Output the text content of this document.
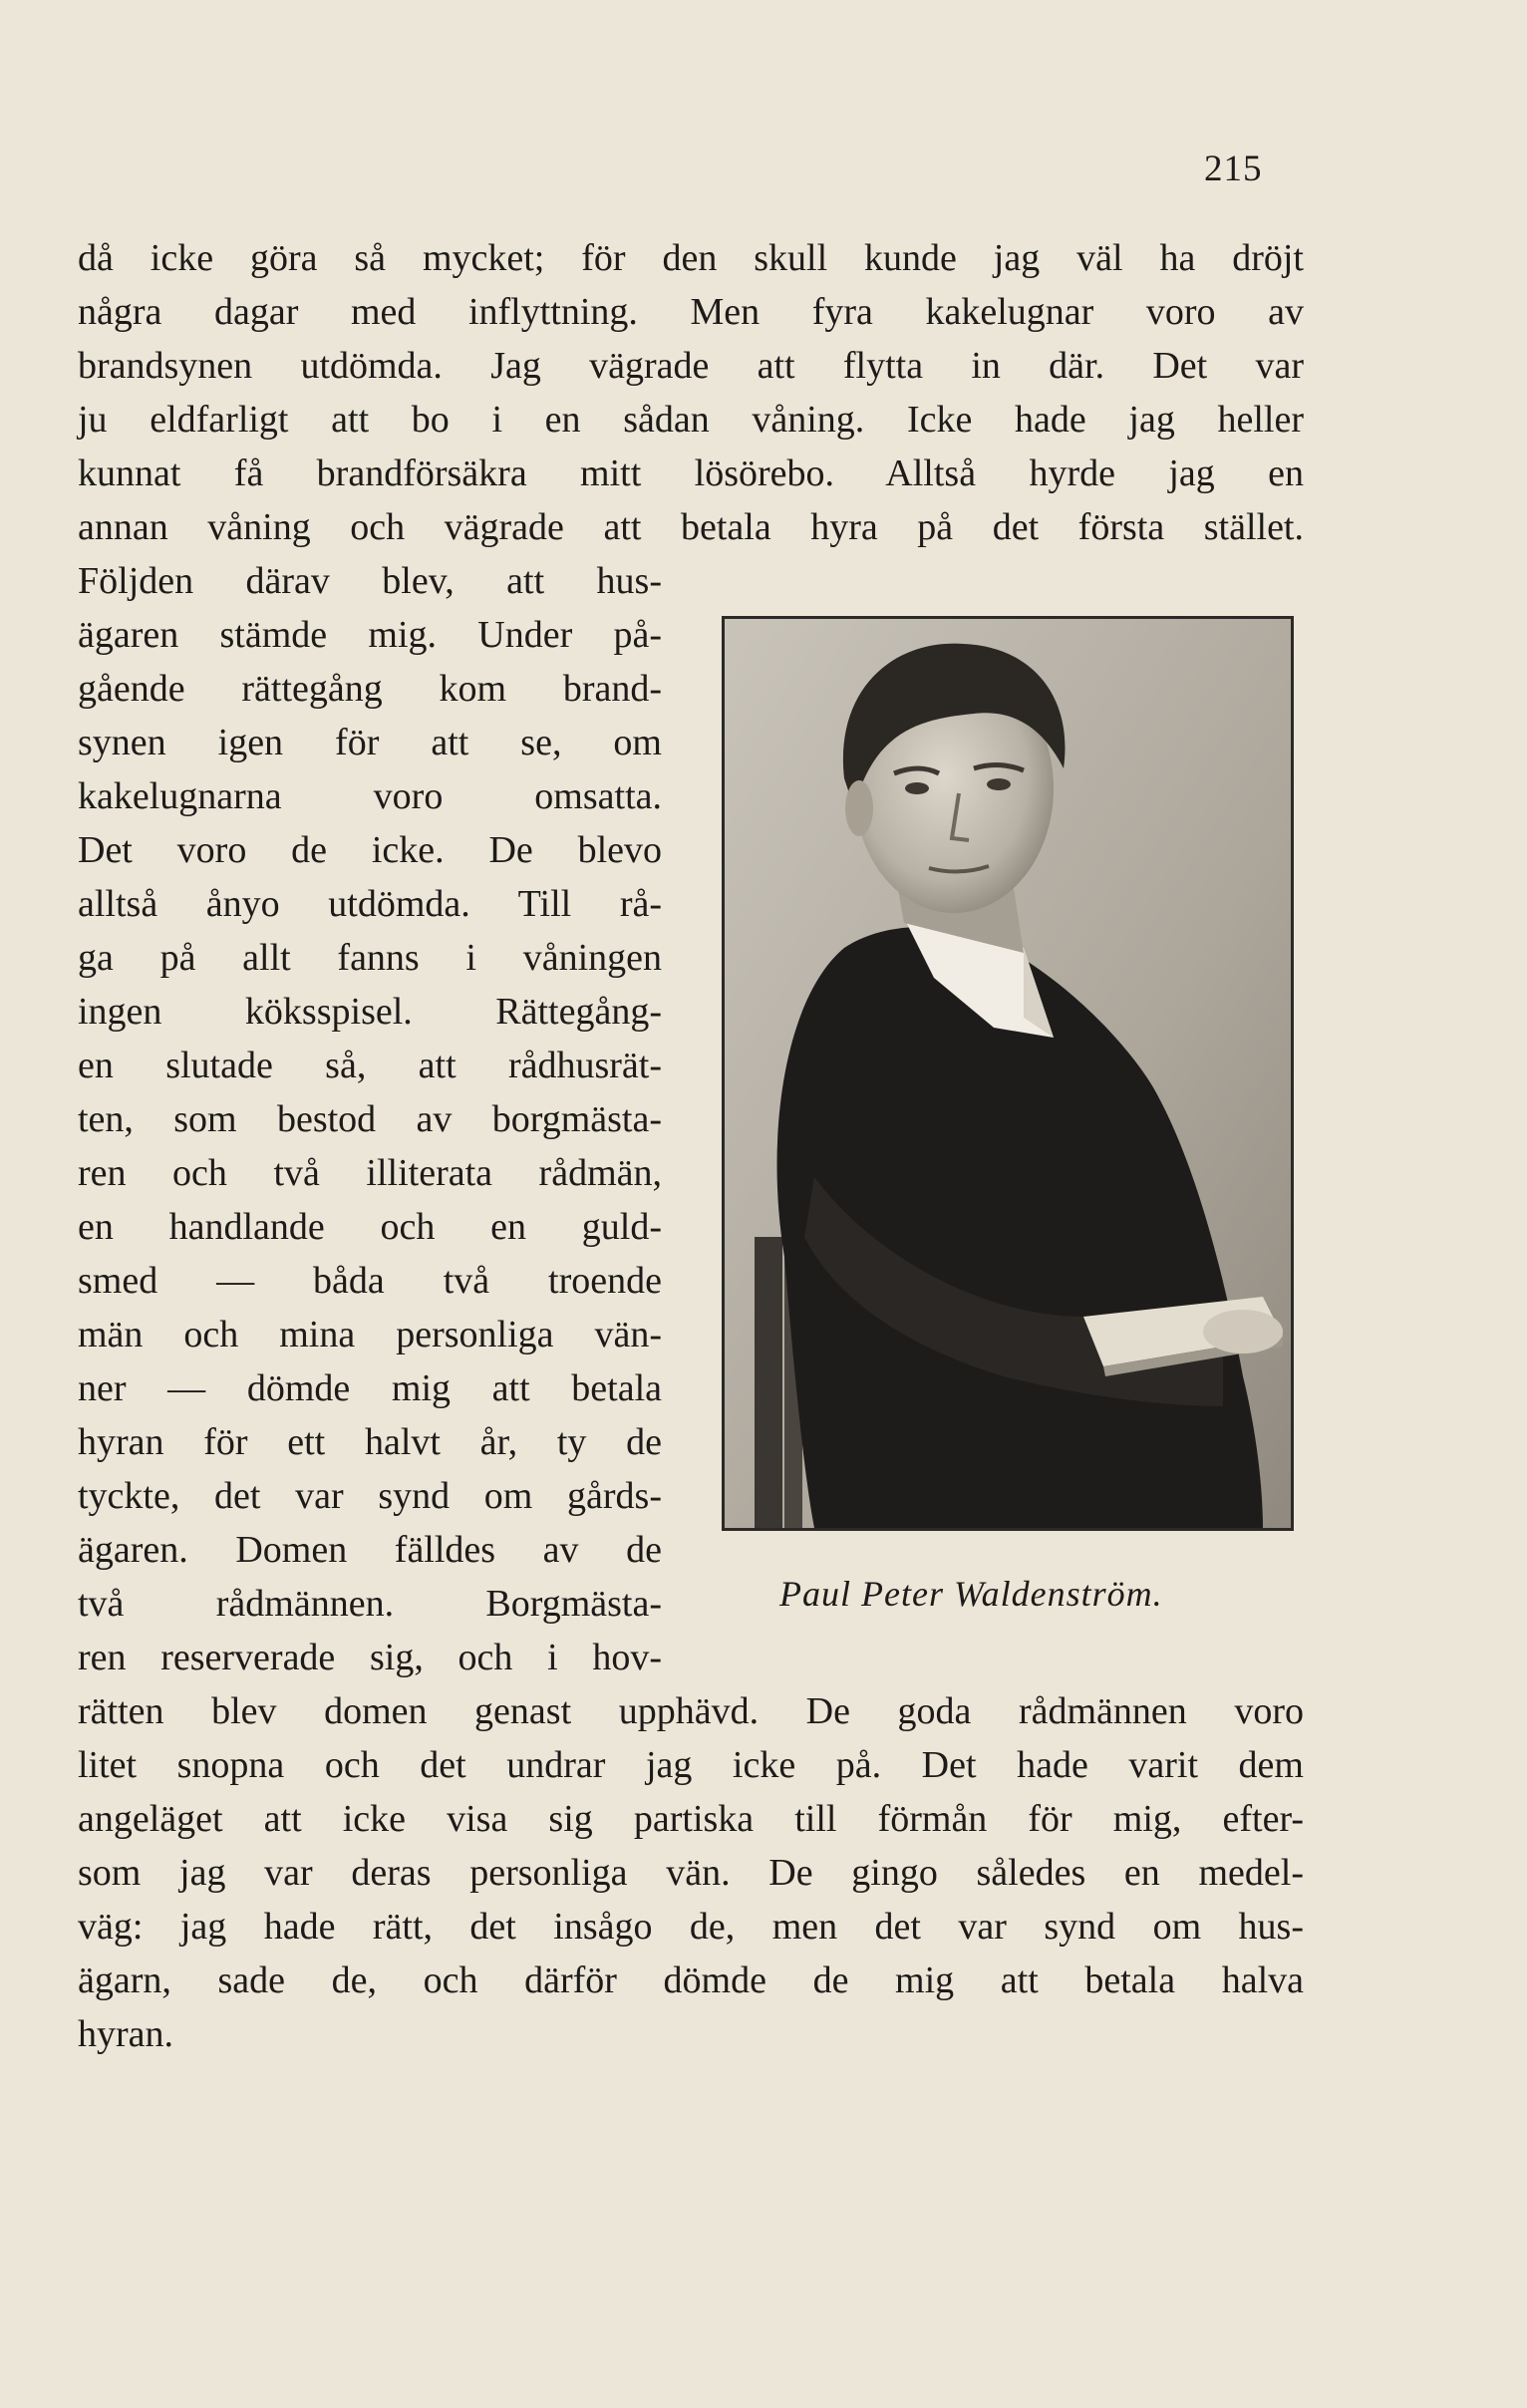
215
då icke göra så mycket; för den skull kunde jag väl ha dröjt
några dagar med inflyttning. Men fyra kakelugnar voro av
brandsynen utdömda. Jag vägrade att flytta in där. Det var
ju eldfarligt att bo i en sådan våning. Icke hade jag heller
kunnat få brandförsäkra mitt lösörebo. Alltså hyrde jag en
annan våning och vägrade att betala hyra på det första stället.
Följden därav blev, att hus-
ägaren stämde mig. Under på-
gående rättegång kom brand-
synen igen för att se, om
kakelugnarna voro omsatta.
Det voro de icke. De blevo
alltså ånyo utdömda. Till rå-
ga på allt fanns i våningen
ingen köksspisel. Rättegång-
en slutade så, att rådhusrät-
ten, som bestod av borgmästa-
ren och två illiterata rådmän,
en handlande och en guld-
smed — båda två troende
män och mina personliga vän-
ner — dömde mig att betala
hyran för ett halvt år, ty de
tyckte, det var synd om gårds-
ägaren. Domen fälldes av de
två rådmännen. Borgmästa-
ren reserverade sig, och i hov-
rätten blev domen genast upphävd. De goda rådmännen voro
litet snopna och det undrar jag icke på. Det hade varit dem
angeläget att icke visa sig partiska till förmån för mig, efter-
som jag var deras personliga vän. De gingo således en medel-
väg: jag hade rätt, det insågo de, men det var synd om hus-
ägarn, sade de, och därför dömde de mig att betala halva
hyran.
Paul Peter Waldenström.
